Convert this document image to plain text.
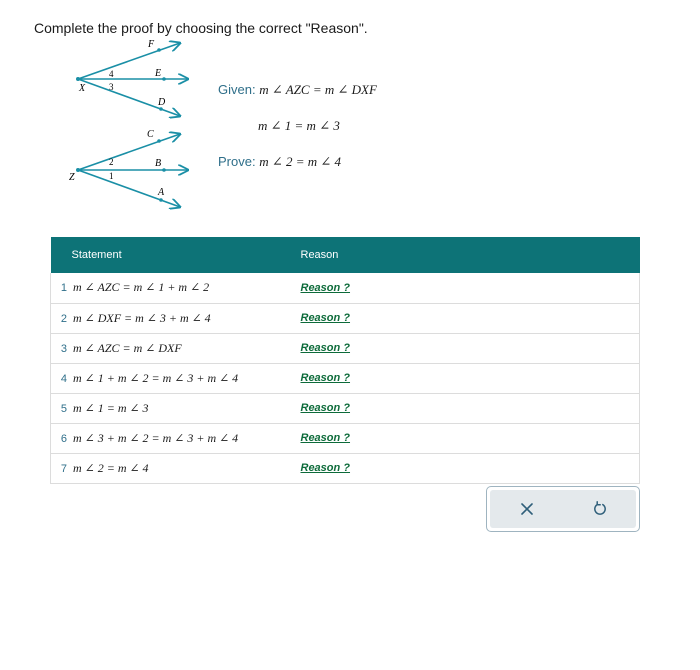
Complete the proof by choosing the correct "Reason".
F
E
D
X
4
3
C
B
A
Z
2
1
Given: m ∠ AZC = m ∠ DXF
m ∠ 1 = m ∠ 3
Prove: m ∠ 2 = m ∠ 4
Statement	Reason
1 m ∠ AZC = m ∠ 1 + m ∠ 2	Reason ?
2 m ∠ DXF = m ∠ 3 + m ∠ 4	Reason ?
3 m ∠ AZC = m ∠ DXF	Reason ?
4 m ∠ 1 + m ∠ 2 = m ∠ 3 + m ∠ 4	Reason ?
5 m ∠ 1 = m ∠ 3	Reason ?
6 m ∠ 3 + m ∠ 2 = m ∠ 3 + m ∠ 4	Reason ?
7 m ∠ 2 = m ∠ 4	Reason ?
